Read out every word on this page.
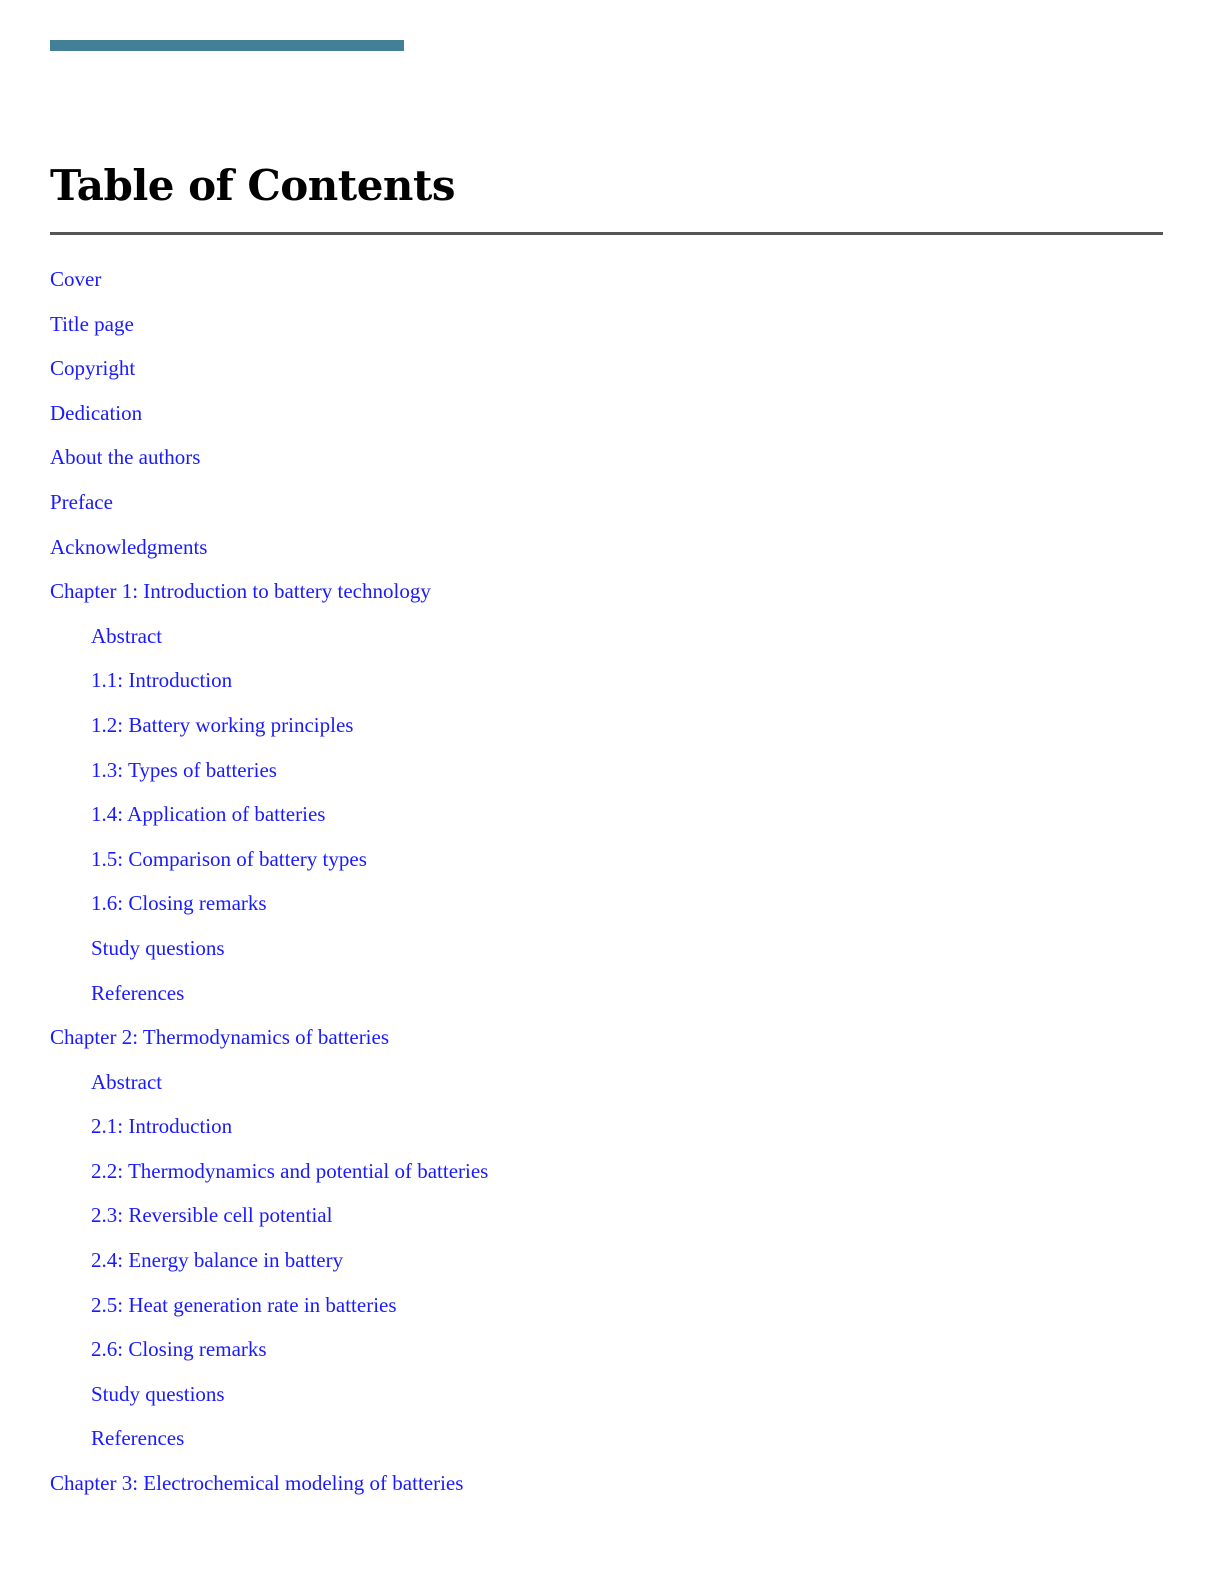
Table of Contents
Cover
Title page
Copyright
Dedication
About the authors
Preface
Acknowledgments
Chapter 1: Introduction to battery technology
Abstract
1.1: Introduction
1.2: Battery working principles
1.3: Types of batteries
1.4: Application of batteries
1.5: Comparison of battery types
1.6: Closing remarks
Study questions
References
Chapter 2: Thermodynamics of batteries
Abstract
2.1: Introduction
2.2: Thermodynamics and potential of batteries
2.3: Reversible cell potential
2.4: Energy balance in battery
2.5: Heat generation rate in batteries
2.6: Closing remarks
Study questions
References
Chapter 3: Electrochemical modeling of batteries
